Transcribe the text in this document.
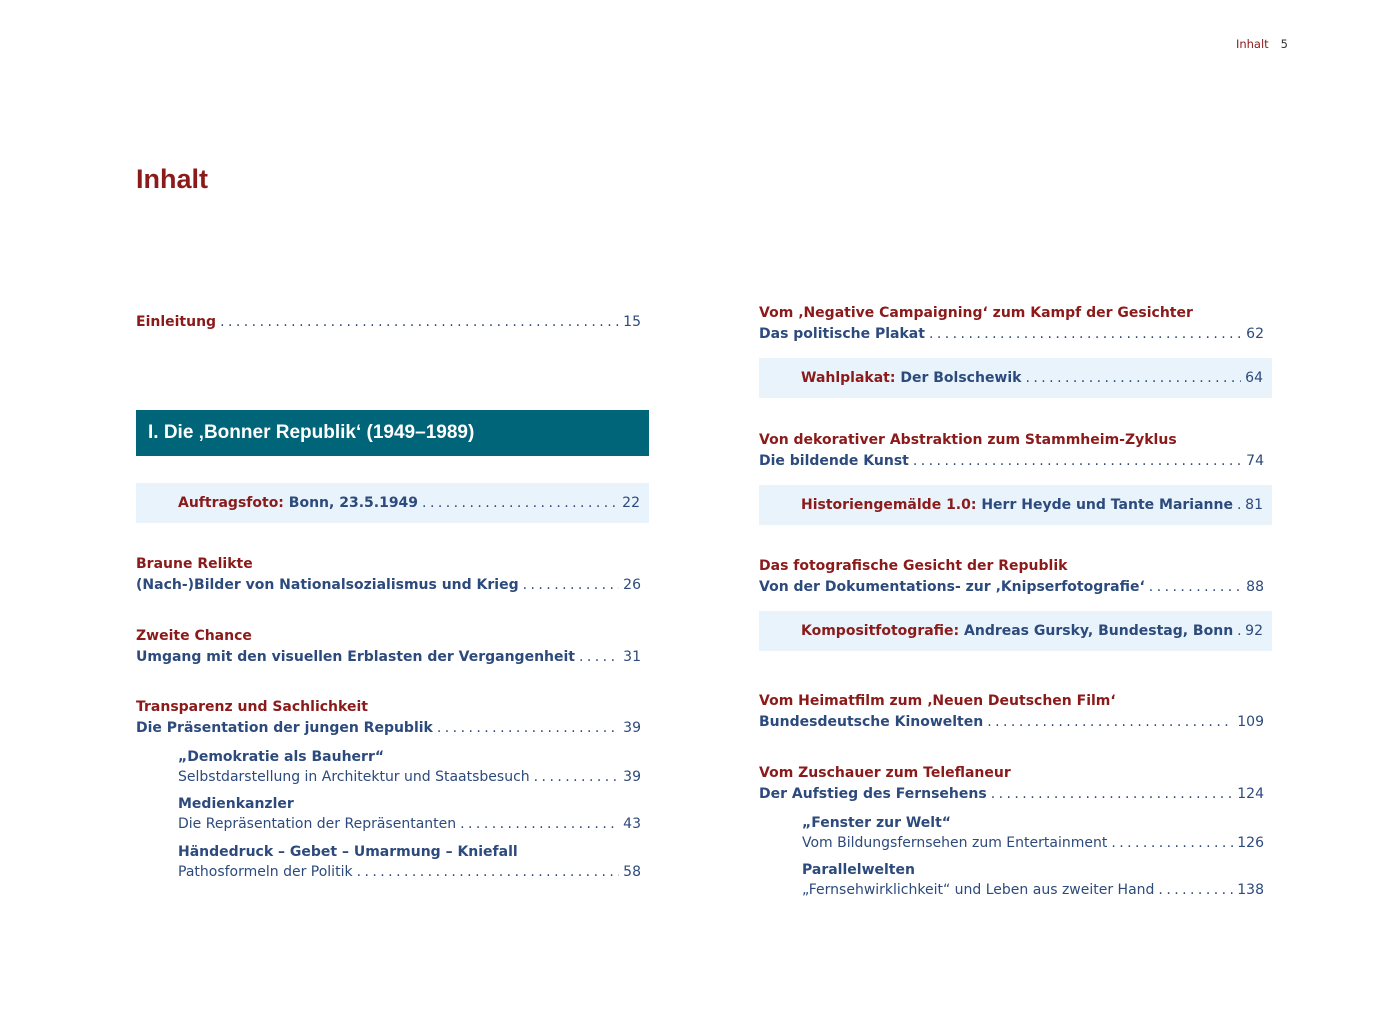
Inhalt 5
Inhalt
Einleitung . . .	15
I. Die ‚Bonner Republik‘ (1949–1989)
Auftragsfoto: Bonn, 23.5.1949 . . .	22
Braune Relikte
(Nach-)Bilder von Nationalsozialismus und Krieg . . .	26
Zweite Chance
Umgang mit den visuellen Erblasten der Vergangenheit . . .	31
Transparenz und Sachlichkeit
Die Präsentation der jungen Republik . . .	39
„Demokratie als Bauherr“
Selbstdarstellung in Architektur und Staatsbesuch . . .	39
Medienkanzler
Die Repräsentation der Repräsentanten . . .	43
Händedruck – Gebet – Umarmung – Kniefall
Pathosformeln der Politik . . .	58
Vom ‚Negative Campaigning‘ zum Kampf der Gesichter
Das politische Plakat . . .	62
Wahlplakat: Der Bolschewik . . .	64
Von dekorativer Abstraktion zum Stammheim-Zyklus
Die bildende Kunst . . .	74
Historiengemälde 1.0: Herr Heyde und Tante Marianne . . . 81
Das fotografische Gesicht der Republik
Von der Dokumentations- zur ‚Knipserfotografie‘ . . .	88
Kompositfotografie: Andreas Gursky, Bundestag, Bonn . . . 92
Vom Heimatfilm zum ‚Neuen Deutschen Film‘
Bundesdeutsche Kinowelten . . .	109
Vom Zuschauer zum Teleflaneur
Der Aufstieg des Fernsehens . . .	124
„Fenster zur Welt“
Vom Bildungsfernsehen zum Entertainment . . .	126
Parallelwelten
„Fernsehwirklichkeit“ und Leben aus zweiter Hand . . .	138
